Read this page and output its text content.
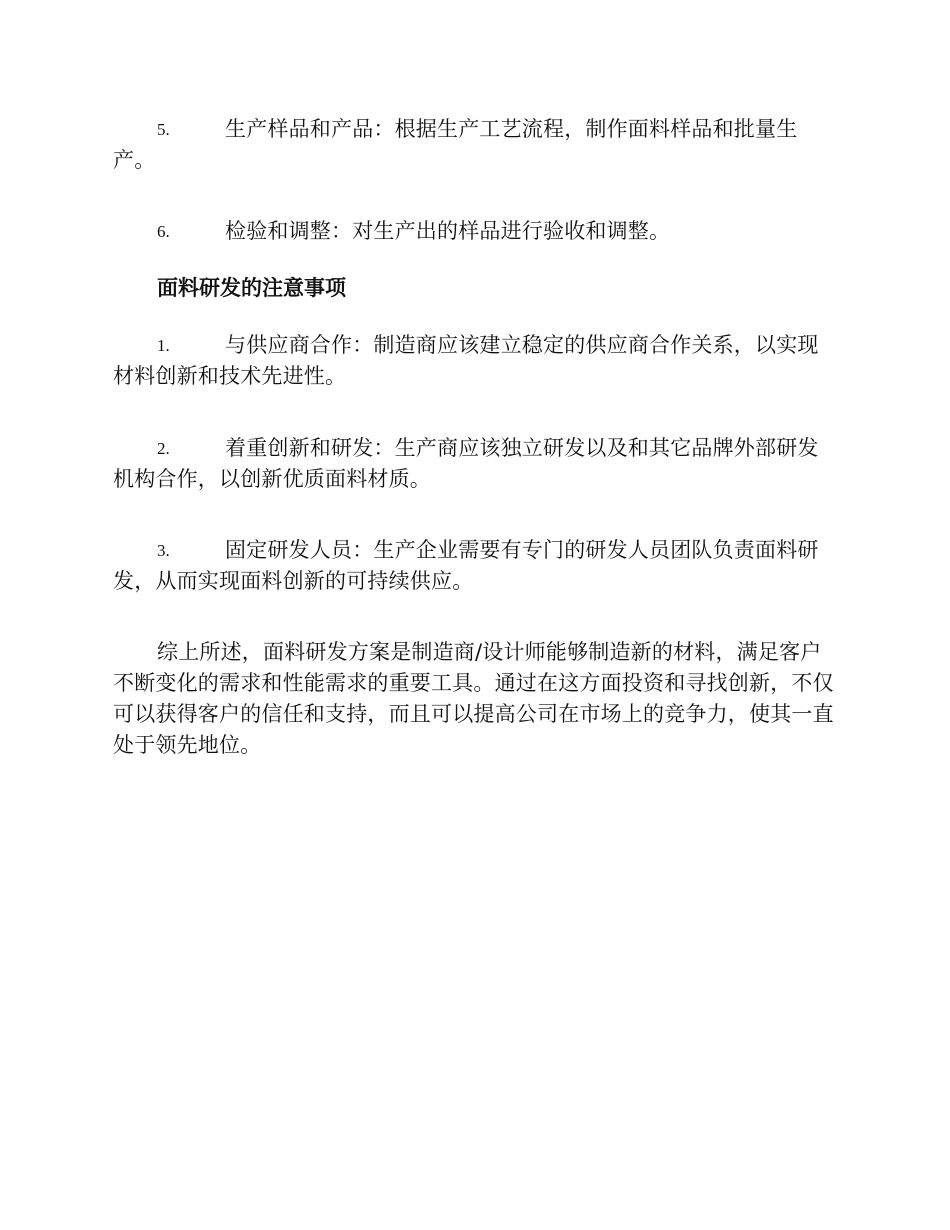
5.	生产样品和产品：根据生产工艺流程，制作面料样品和批量生产。
6.	检验和调整：对生产出的样品进行验收和调整。
面料研发的注意事项
1.	与供应商合作：制造商应该建立稳定的供应商合作关系，以实现材料创新和技术先进性。
2.	着重创新和研发：生产商应该独立研发以及和其它品牌外部研发机构合作，以创新优质面料材质。
3.	固定研发人员：生产企业需要有专门的研发人员团队负责面料研发，从而实现面料创新的可持续供应。
综上所述，面料研发方案是制造商/设计师能够制造新的材料，满足客户不断变化的需求和性能需求的重要工具。通过在这方面投资和寻找创新，不仅可以获得客户的信任和支持，而且可以提高公司在市场上的竞争力，使其一直处于领先地位。
